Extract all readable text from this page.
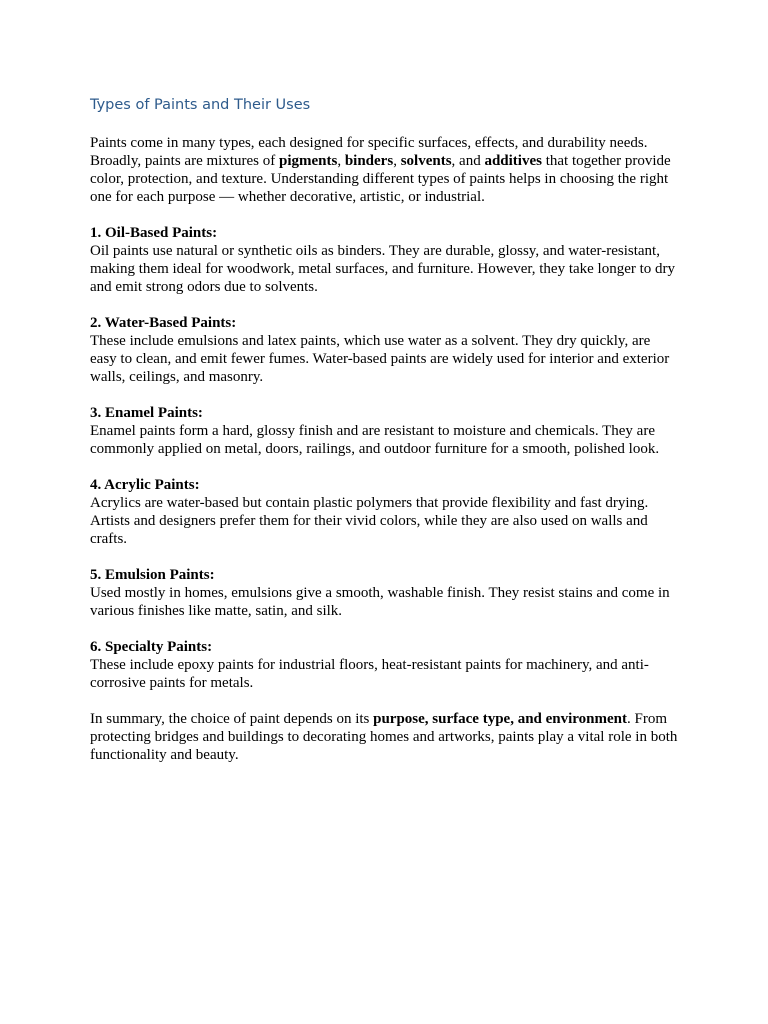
Types of Paints and Their Uses

Paints come in many types, each designed for specific surfaces, effects, and durability needs. Broadly, paints are mixtures of pigments, binders, solvents, and additives that together provide color, protection, and texture. Understanding different types of paints helps in choosing the right one for each purpose — whether decorative, artistic, or industrial.

1. Oil-Based Paints:
Oil paints use natural or synthetic oils as binders. They are durable, glossy, and water-resistant, making them ideal for woodwork, metal surfaces, and furniture. However, they take longer to dry and emit strong odors due to solvents.
2. Water-Based Paints:
These include emulsions and latex paints, which use water as a solvent. They dry quickly, are easy to clean, and emit fewer fumes. Water-based paints are widely used for interior and exterior walls, ceilings, and masonry.
3. Enamel Paints:
Enamel paints form a hard, glossy finish and are resistant to moisture and chemicals. They are commonly applied on metal, doors, railings, and outdoor furniture for a smooth, polished look.
4. Acrylic Paints:
Acrylics are water-based but contain plastic polymers that provide flexibility and fast drying. Artists and designers prefer them for their vivid colors, while they are also used on walls and crafts.
5. Emulsion Paints:
Used mostly in homes, emulsions give a smooth, washable finish. They resist stains and come in various finishes like matte, satin, and silk.
6. Specialty Paints:
These include epoxy paints for industrial floors, heat-resistant paints for machinery, and anti-corrosive paints for metals.

In summary, the choice of paint depends on its purpose, surface type, and environment. From protecting bridges and buildings to decorating homes and artworks, paints play a vital role in both functionality and beauty.
